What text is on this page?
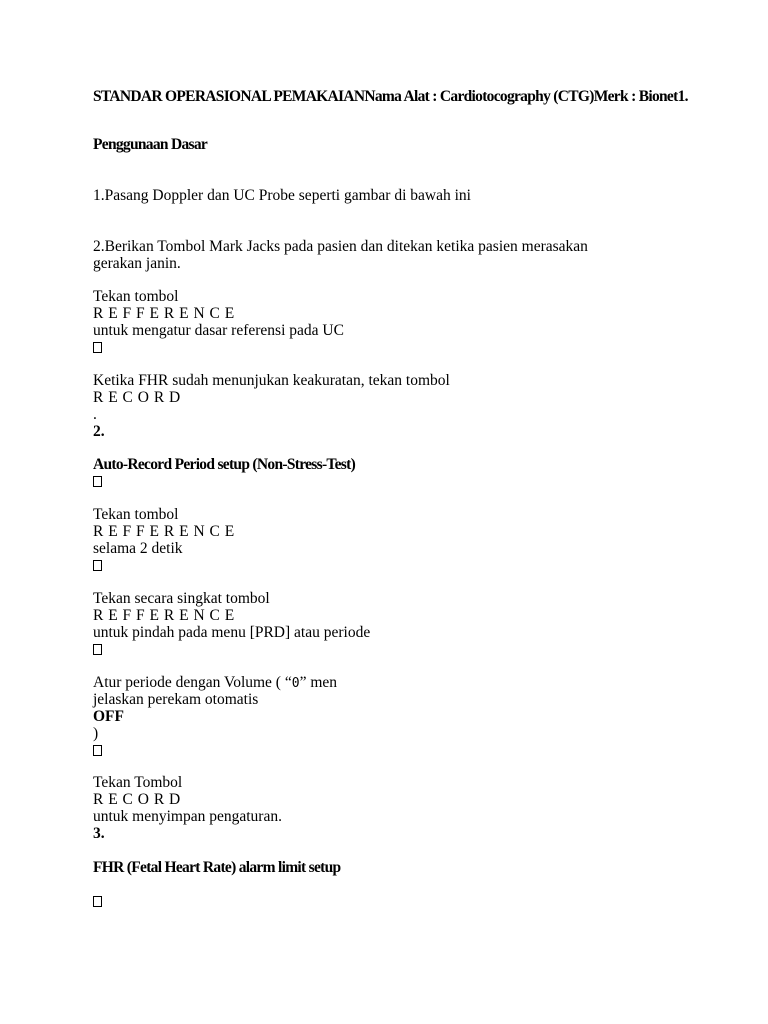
STANDAR OPERASIONAL PEMAKAIANNama Alat : Cardiotocography (CTG)Merk : Bionet1.
Penggunaan Dasar
1.Pasang Doppler dan UC Probe seperti gambar di bawah ini
2.Berikan Tombol Mark Jacks pada pasien dan ditekan ketika pasien merasakan
gerakan janin.
Tekan tombol
R E F F E R E N C E
untuk mengatur dasar referensi pada UC
Ketika FHR sudah menunjukan keakuratan, tekan tombol
R E C O R D
.
2.
Auto-Record Period setup (Non-Stress-Test)
Tekan tombol
R E F F E R E N C E
selama 2 detik
Tekan secara singkat tombol
R E F F E R E N C E
untuk pindah pada menu [PRD] atau periode
Atur periode dengan Volume ( “0” men
jelaskan perekam otomatis
OFF
)
Tekan Tombol
R E C O R D
untuk menyimpan pengaturan.
3.
FHR (Fetal Heart Rate) alarm limit setup
